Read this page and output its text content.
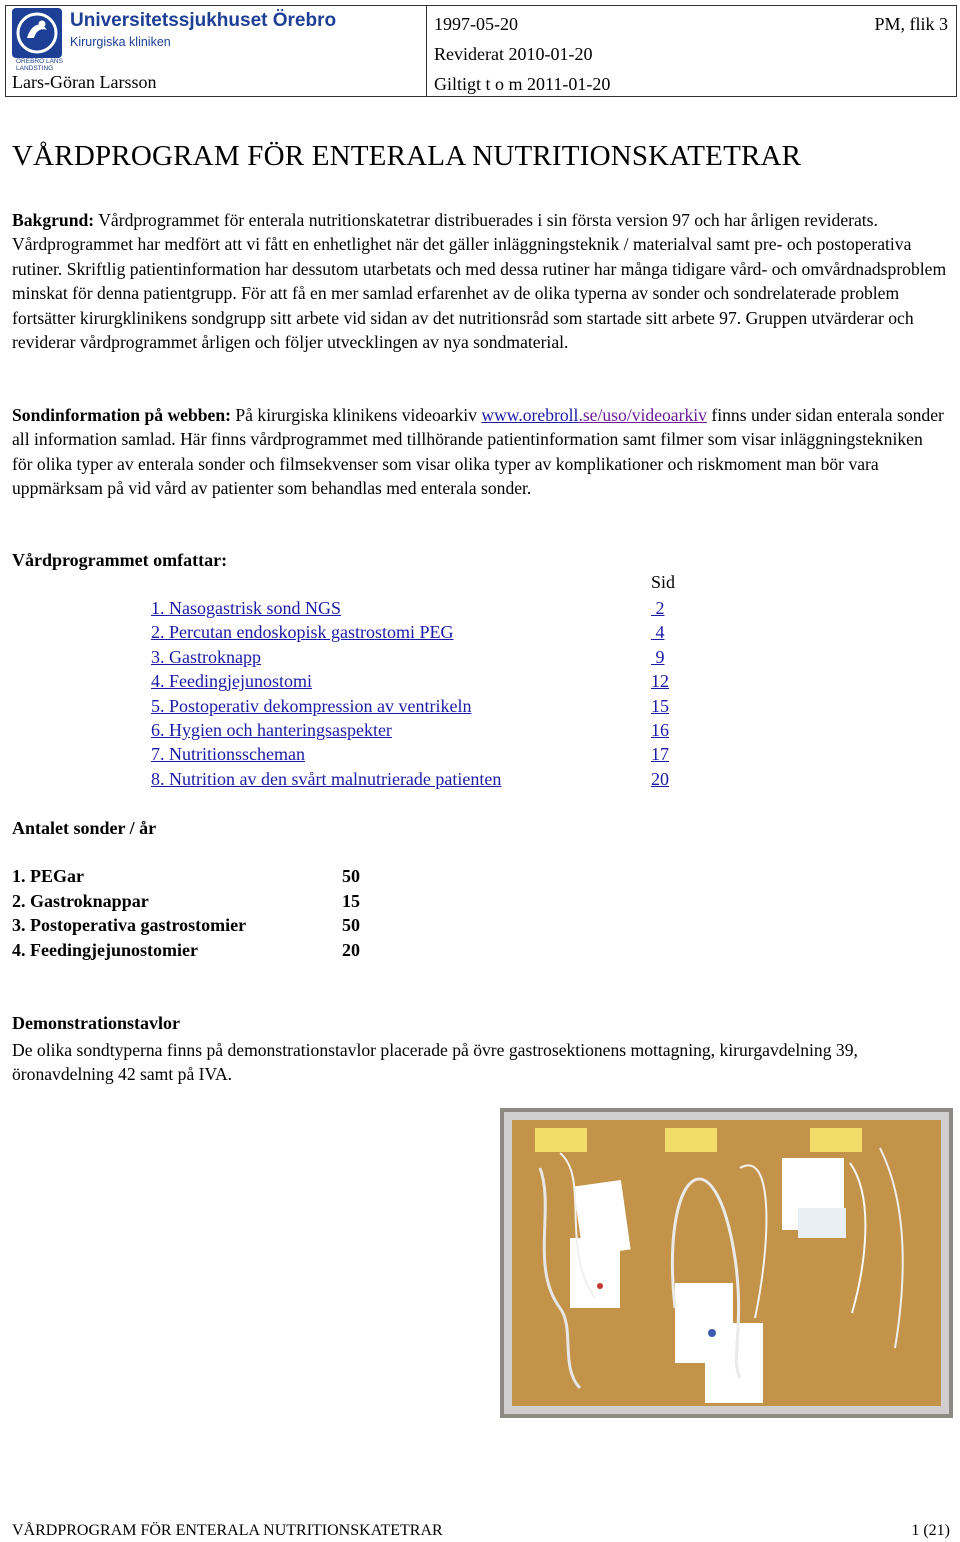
Universitetssjukhuset Örebro
Kirurgiska kliniken
ÖREBRO LÄNS
LANDSTING
Lars-Göran Larsson
1997-05-20
Reviderat 2010-01-20
Giltigt t o m 2011-01-20
PM, flik 3
VÅRDPROGRAM FÖR ENTERALA NUTRITIONSKATETRAR

Bakgrund: Vårdprogrammet för enterala nutritionskatetrar distribuerades i sin första version 97 och har årligen reviderats. Vårdprogrammet har medfört att vi fått en enhetlighet när det gäller inläggningsteknik / materialval samt pre- och postoperativa rutiner. Skriftlig patientinformation har dessutom utarbetats och med dessa rutiner har många tidigare vård- och omvårdnadsproblem minskat för denna patientgrupp. För att få en mer samlad erfarenhet av de olika typerna av sonder och sondrelaterade problem fortsätter kirurgklinikens sondgrupp sitt arbete vid sidan av det nutritionsråd som startade sitt arbete 97. Gruppen utvärderar och reviderar vårdprogrammet årligen och följer utvecklingen av nya sondmaterial.

Sondinformation på webben: På kirurgiska klinikens videoarkiv www.orebroll.se/uso/videoarkiv finns under sidan enterala sonder all information samlad. Här finns vårdprogrammet med tillhörande patientinformation samt filmer som visar inläggningstekniken för olika typer av enterala sonder och filmsekvenser som visar olika typer av komplikationer och riskmoment man bör vara uppmärksam på vid vård av patienter som behandlas med enterala sonder.

Vårdprogrammet omfattar:
Sid
1. Nasogastrisk sond NGS	2
2. Percutan endoskopisk gastrostomi PEG	4
3. Gastroknapp	9
4. Feedingjejunostomi	12
5. Postoperativ dekompression av ventrikeln	15
6. Hygien och hanteringsaspekter	16
7. Nutritionsscheman	17
8. Nutrition av den svårt malnutrierade patienten	20
Antalet sonder / år
1. PEGar	50
2. Gastroknappar	15
3. Postoperativa gastrostomier	50
4. Feedingjejunostomier	20
Demonstrationstavlor

De olika sondtyperna finns på demonstrationstavlor placerade på övre gastrosektionens mottagning, kirurgavdelning 39, öronavdelning 42 samt på IVA.

VÅRDPROGRAM FÖR ENTERALA NUTRITIONSKATETRAR	1 (21)
